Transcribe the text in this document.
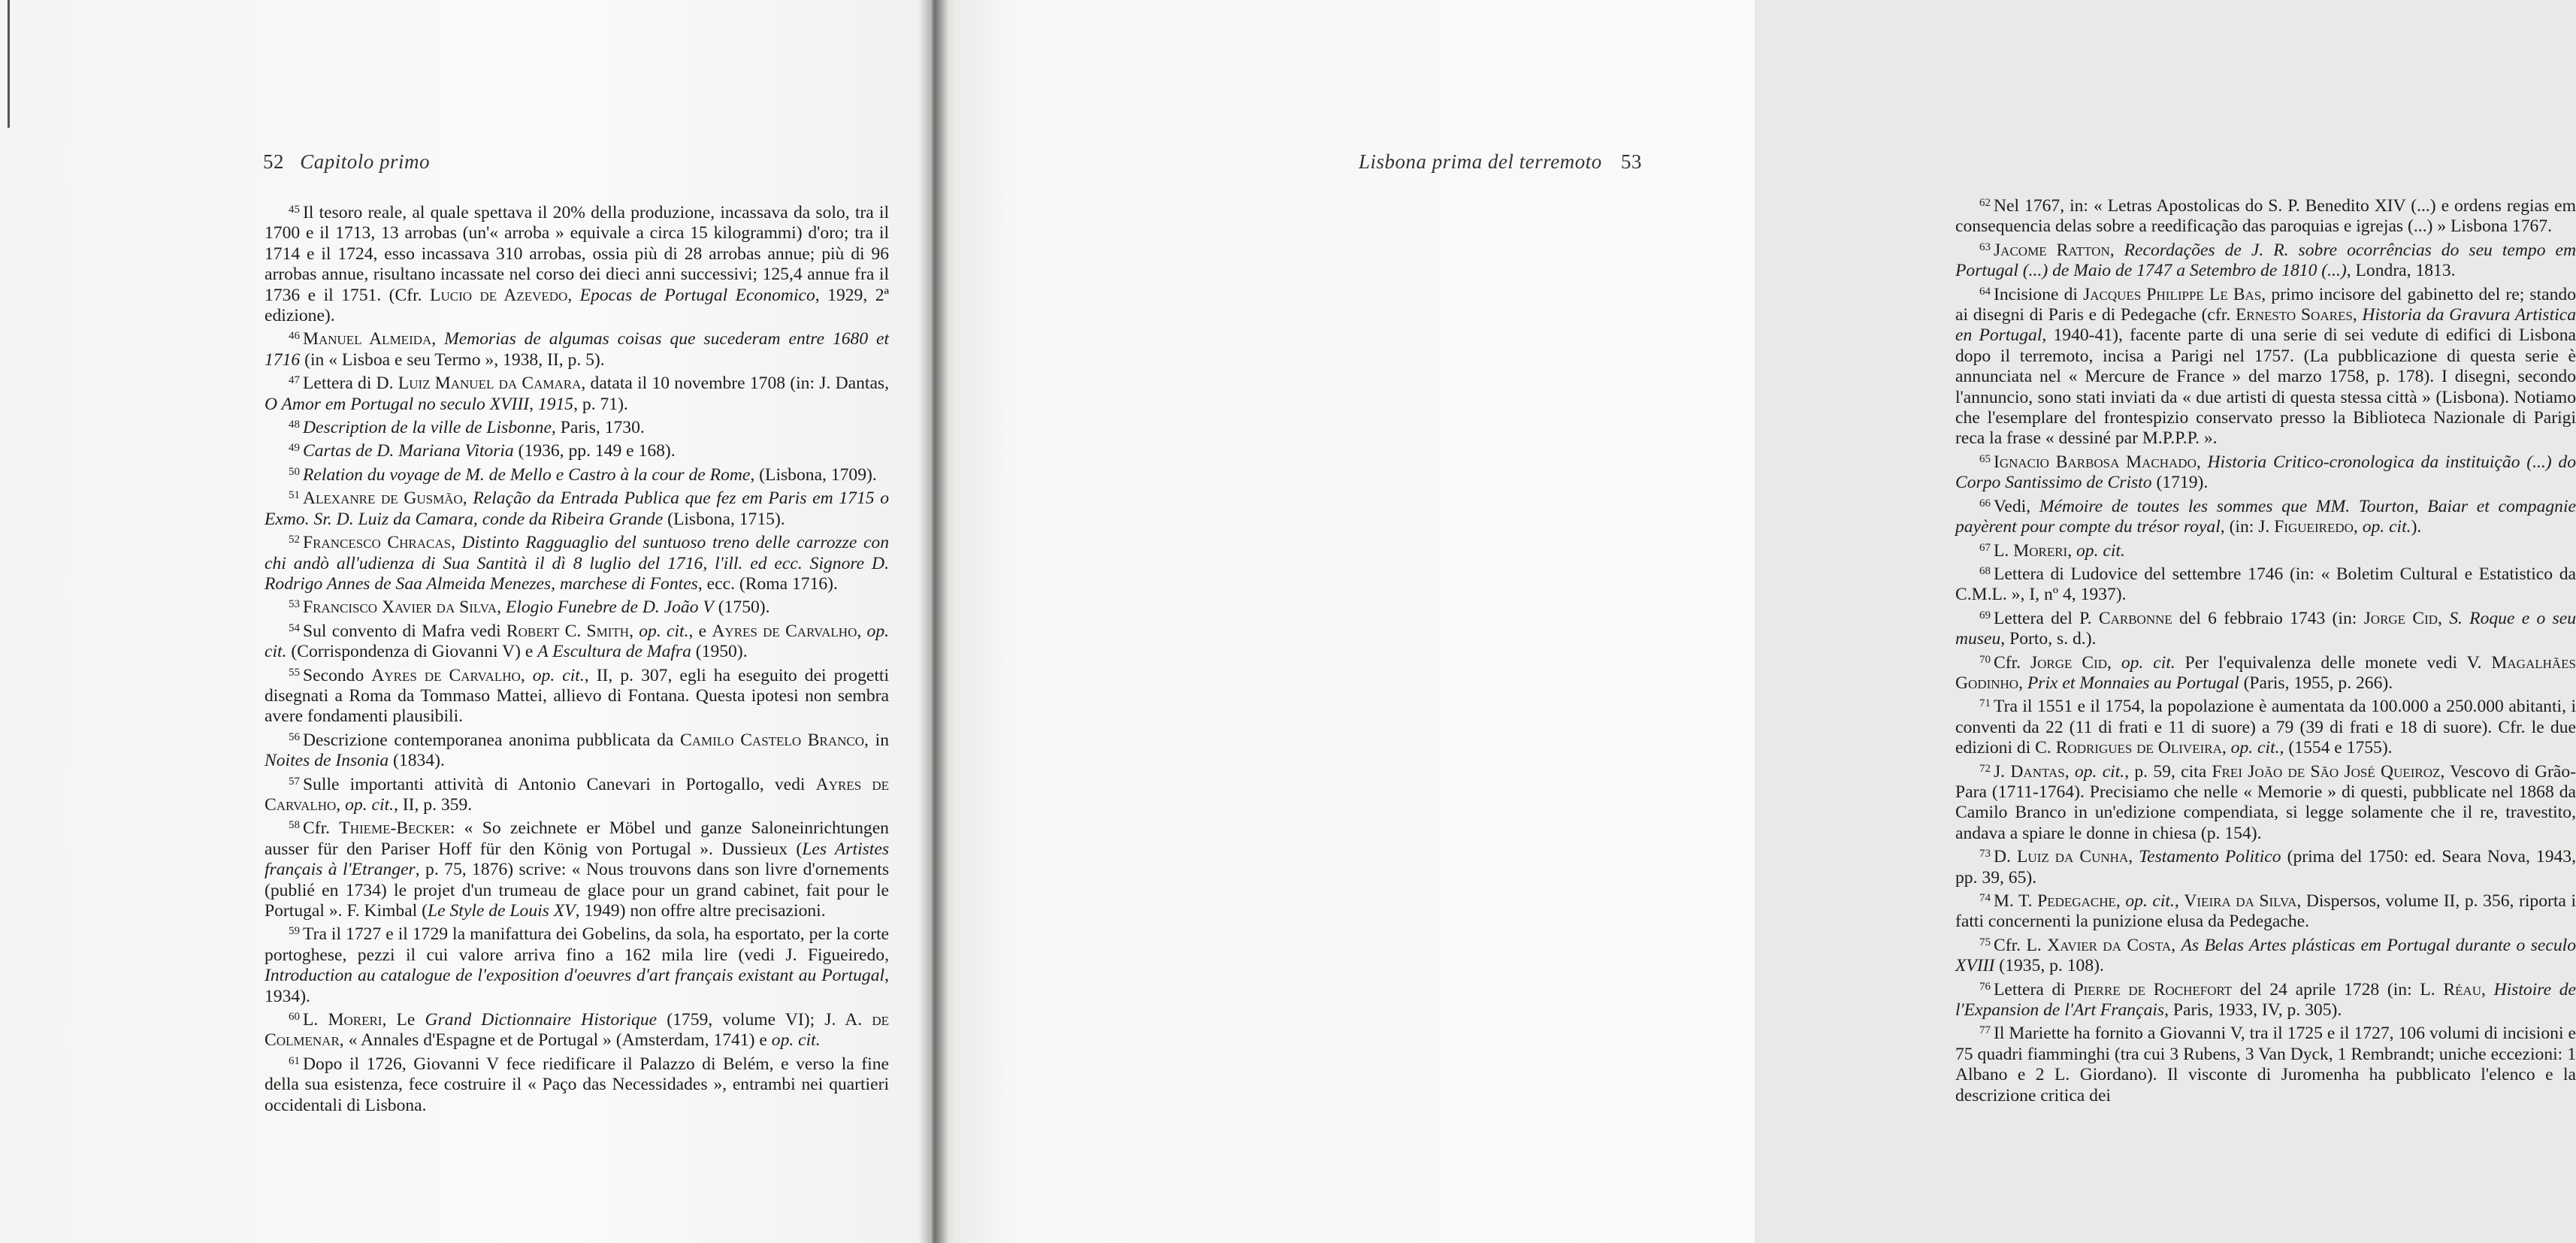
52 Capitolo primo

$^{45}$ Il tesoro reale, al quale spettava il 20% della produzione, incassava da solo, tra il 1700 e il 1713, 13 arrobas (un'« arroba » equivale a circa 15 kilogrammi) d'oro; tra il 1714 e il 1724, esso incassava 310 arrobas, ossia più di 28 arrobas annue; più di 96 arrobas annue, risultano incassate nel corso dei dieci anni successivi; 125,4 annue fra il 1736 e il 1751. (Cfr. Lucio de Azevedo, Epocas de Portugal Economico, 1929, 2ª edizione).

$^{46}$ Manuel Almeida, Memorias de algumas coisas que sucederam entre 1680 et 1716 (in « Lisboa e seu Termo », 1938, II, p. 5).

$^{47}$ Lettera di D. Luiz Manuel da Camara, datata il 10 novembre 1708 (in: J. Dantas, O Amor em Portugal no seculo XVIII, 1915, p. 71).

$^{48}$ Description de la ville de Lisbonne, Paris, 1730.

$^{49}$ Cartas de D. Mariana Vitoria (1936, pp. 149 e 168).

$^{50}$ Relation du voyage de M. de Mello e Castro à la cour de Rome, (Lisbona, 1709).

$^{51}$ Alexanre de Gusmão, Relação da Entrada Publica que fez em Paris em 1715 o Exmo. Sr. D. Luiz da Camara, conde da Ribeira Grande (Lisbona, 1715).

$^{52}$ Francesco Chracas, Distinto Ragguaglio del suntuoso treno delle carrozze con chi andò all'udienza di Sua Santità il dì 8 luglio del 1716, l'ill. ed ecc. Signore D. Rodrigo Annes de Saa Almeida Menezes, marchese di Fontes, ecc. (Roma 1716).

$^{53}$ Francisco Xavier da Silva, Elogio Funebre de D. João V (1750).

$^{54}$ Sul convento di Mafra vedi Robert C. Smith, op. cit., e Ayres de Carvalho, op. cit. (Corrispondenza di Giovanni V) e A Escultura de Mafra (1950).

$^{55}$ Secondo Ayres de Carvalho, op. cit., II, p. 307, egli ha eseguito dei progetti disegnati a Roma da Tommaso Mattei, allievo di Fontana. Questa ipotesi non sembra avere fondamenti plausibili.

$^{56}$ Descrizione contemporanea anonima pubblicata da Camilo Castelo Branco, in Noites de Insonia (1834).

$^{57}$ Sulle importanti attività di Antonio Canevari in Portogallo, vedi Ayres de Carvalho, op. cit., II, p. 359.

$^{58}$ Cfr. Thieme-Becker: « So zeichnete er Möbel und ganze Saloneinrichtungen ausser für den Pariser Hoff für den König von Portugal ». Dussieux (Les Artistes français à l'Etranger, p. 75, 1876) scrive: « Nous trouvons dans son livre d'ornements (publié en 1734) le projet d'un trumeau de glace pour un grand cabinet, fait pour le Portugal ». F. Kimbal (Le Style de Louis XV, 1949) non offre altre precisazioni.

$^{59}$ Tra il 1727 e il 1729 la manifattura dei Gobelins, da sola, ha esportato, per la corte portoghese, pezzi il cui valore arriva fino a 162 mila lire (vedi J. Figueiredo, Introduction au catalogue de l'exposition d'oeuvres d'art français existant au Portugal, 1934).

$^{60}$ L. Moreri, Le Grand Dictionnaire Historique (1759, volume VI); J. A. de Colmenar, « Annales d'Espagne et de Portugal » (Amsterdam, 1741) e op. cit.

$^{61}$ Dopo il 1726, Giovanni V fece riedificare il Palazzo di Belém, e verso la fine della sua esistenza, fece costruire il « Paço das Necessidades », entrambi nei quartieri occidentali di Lisbona.

Lisbona prima del terremoto 53

$^{62}$ Nel 1767, in: « Letras Apostolicas do S. P. Benedito XIV (...) e ordens regias em consequencia delas sobre a reedificação das paroquias e igrejas (...) » Lisbona 1767.

$^{63}$ Jacome Ratton, Recordações de J. R. sobre ocorrências do seu tempo em Portugal (...) de Maio de 1747 a Setembro de 1810 (...), Londra, 1813.

$^{64}$ Incisione di Jacques Philippe Le Bas, primo incisore del gabinetto del re; stando ai disegni di Paris e di Pedegache (cfr. Ernesto Soares, Historia da Gravura Artistica en Portugal, 1940-41), facente parte di una serie di sei vedute di edifici di Lisbona dopo il terremoto, incisa a Parigi nel 1757. (La pubblicazione di questa serie è annunciata nel « Mercure de France » del marzo 1758, p. 178). I disegni, secondo l'annuncio, sono stati inviati da « due artisti di questa stessa città » (Lisbona). Notiamo che l'esemplare del frontespizio conservato presso la Biblioteca Nazionale di Parigi reca la frase « dessiné par M.P.P.P. ».

$^{65}$ Ignacio Barbosa Machado, Historia Critico-cronologica da instituição (...) do Corpo Santissimo de Cristo (1719).

$^{66}$ Vedi, Mémoire de toutes les sommes que MM. Tourton, Baiar et compagnie payèrent pour compte du trésor royal, (in: J. Figueiredo, op. cit.).

$^{67}$ L. Moreri, op. cit.

$^{68}$ Lettera di Ludovice del settembre 1746 (in: « Boletim Cultural e Estatistico da C.M.L. », I, nº 4, 1937).

$^{69}$ Lettera del P. Carbonne del 6 febbraio 1743 (in: Jorge Cid, S. Roque e o seu museu, Porto, s. d.).

$^{70}$ Cfr. Jorge Cid, op. cit. Per l'equivalenza delle monete vedi V. Magalhães Godinho, Prix et Monnaies au Portugal (Paris, 1955, p. 266).

$^{71}$ Tra il 1551 e il 1754, la popolazione è aumentata da 100.000 a 250.000 abitanti, i conventi da 22 (11 di frati e 11 di suore) a 79 (39 di frati e 18 di suore). Cfr. le due edizioni di C. Rodrigues de Oliveira, op. cit., (1554 e 1755).

$^{72}$ J. Dantas, op. cit., p. 59, cita Frei João de São José Queiroz, Vescovo di Grão-Para (1711-1764). Precisiamo che nelle « Memorie » di questi, pubblicate nel 1868 da Camilo Branco in un'edizione compendiata, si legge solamente che il re, travestito, andava a spiare le donne in chiesa (p. 154).

$^{73}$ D. Luiz da Cunha, Testamento Politico (prima del 1750: ed. Seara Nova, 1943, pp. 39, 65).

$^{74}$ M. T. Pedegache, op. cit., Vieira da Silva, Dispersos, volume II, p. 356, riporta i fatti concernenti la punizione elusa da Pedegache.

$^{75}$ Cfr. L. Xavier da Costa, As Belas Artes plásticas em Portugal durante o seculo XVIII (1935, p. 108).

$^{76}$ Lettera di Pierre de Rochefort del 24 aprile 1728 (in: L. Réau, Histoire de l'Expansion de l'Art Français, Paris, 1933, IV, p. 305).

$^{77}$ Il Mariette ha fornito a Giovanni V, tra il 1725 e il 1727, 106 volumi di incisioni e 75 quadri fiamminghi (tra cui 3 Rubens, 3 Van Dyck, 1 Rembrandt; uniche eccezioni: 1 Albano e 2 L. Giordano). Il visconte di Juromenha ha pubblicato l'elenco e la descrizione critica dei
